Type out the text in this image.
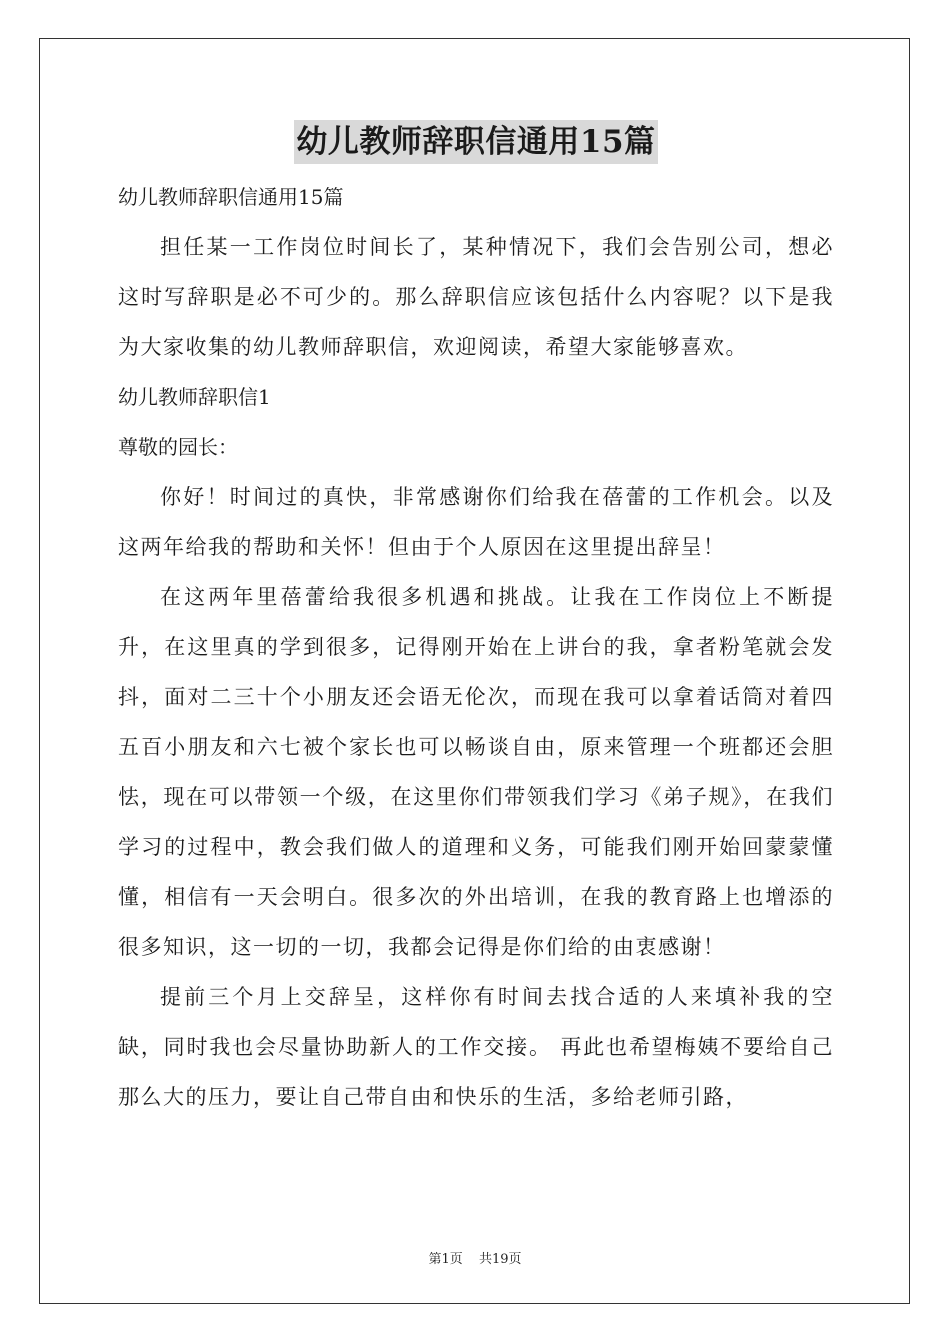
幼儿教师辞职信通用15篇

幼儿教师辞职信通用15篇

担任某一工作岗位时间长了，某种情况下，我们会告别公司，想必这时写辞职是必不可少的。那么辞职信应该包括什么内容呢？以下是我为大家收集的幼儿教师辞职信，欢迎阅读，希望大家能够喜欢。

幼儿教师辞职信1

尊敬的园长：

你好！时间过的真快，非常感谢你们给我在蓓蕾的工作机会。以及这两年给我的帮助和关怀！但由于个人原因在这里提出辞呈！

在这两年里蓓蕾给我很多机遇和挑战。让我在工作岗位上不断提升，在这里真的学到很多，记得刚开始在上讲台的我，拿者粉笔就会发抖，面对二三十个小朋友还会语无伦次，而现在我可以拿着话筒对着四五百小朋友和六七被个家长也可以畅谈自由，原来管理一个班都还会胆怯，现在可以带领一个级，在这里你们带领我们学习《弟子规》，在我们学习的过程中，教会我们做人的道理和义务，可能我们刚开始回蒙蒙懂懂，相信有一天会明白。很多次的外出培训，在我的教育路上也增添的很多知识，这一切的一切，我都会记得是你们给的由衷感谢！

提前三个月上交辞呈，这样你有时间去找合适的人来填补我的空缺，同时我也会尽量协助新人的工作交接。 再此也希望梅姨不要给自己那么大的压力，要让自己带自由和快乐的生活，多给老师引路，

第1页 共19页
